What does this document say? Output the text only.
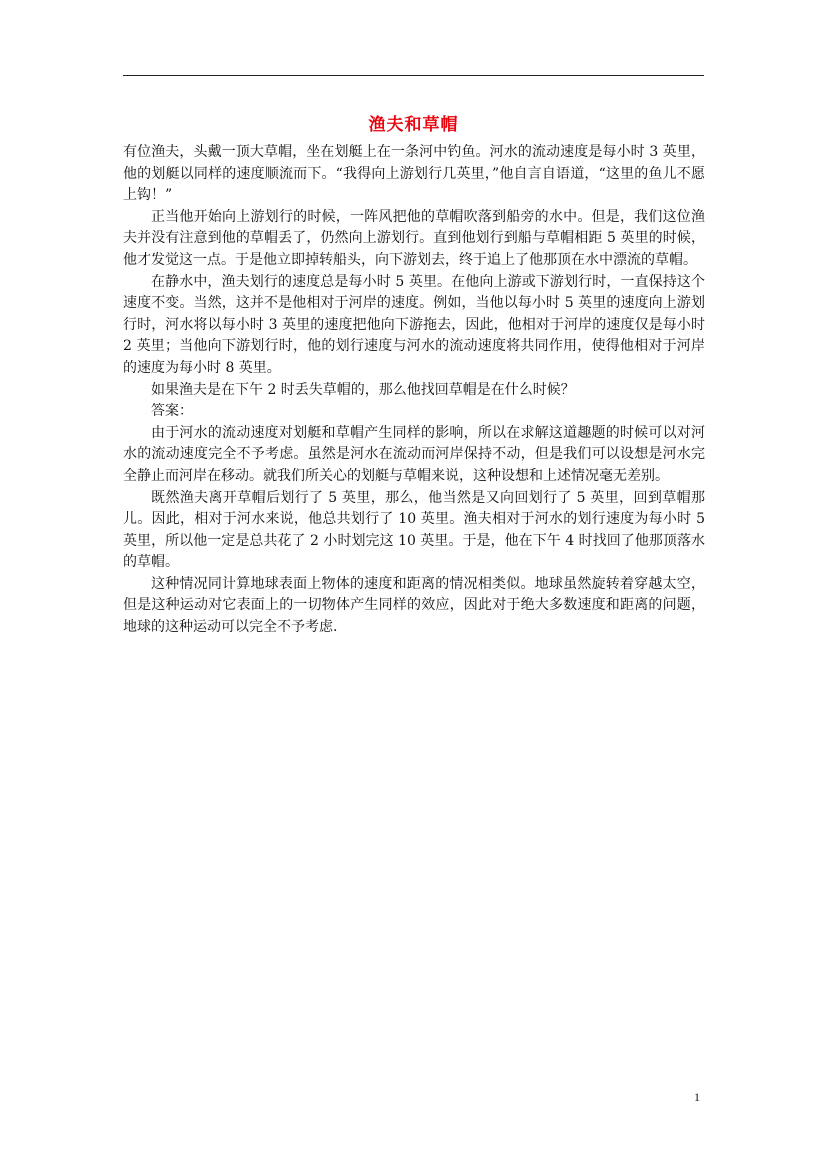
渔夫和草帽

有位渔夫，头戴一顶大草帽，坐在划艇上在一条河中钓鱼。河水的流动速度是每小时 3 英里，他的划艇以同样的速度顺流而下。“我得向上游划行几英里，”他自言自语道，“这里的鱼儿不愿上钩！”

正当他开始向上游划行的时候，一阵风把他的草帽吹落到船旁的水中。但是，我们这位渔夫并没有注意到他的草帽丢了，仍然向上游划行。直到他划行到船与草帽相距 5 英里的时候，他才发觉这一点。于是他立即掉转船头，向下游划去，终于追上了他那顶在水中漂流的草帽。

在静水中，渔夫划行的速度总是每小时 5 英里。在他向上游或下游划行时，一直保持这个速度不变。当然，这并不是他相对于河岸的速度。例如，当他以每小时 5 英里的速度向上游划行时，河水将以每小时 3 英里的速度把他向下游拖去，因此，他相对于河岸的速度仅是每小时 2 英里；当他向下游划行时，他的划行速度与河水的流动速度将共同作用，使得他相对于河岸的速度为每小时 8 英里。

如果渔夫是在下午 2 时丢失草帽的，那么他找回草帽是在什么时候？

答案：

由于河水的流动速度对划艇和草帽产生同样的影响，所以在求解这道趣题的时候可以对河水的流动速度完全不予考虑。虽然是河水在流动而河岸保持不动，但是我们可以设想是河水完全静止而河岸在移动。就我们所关心的划艇与草帽来说，这种设想和上述情况毫无差别。

既然渔夫离开草帽后划行了 5 英里，那么，他当然是又向回划行了 5 英里，回到草帽那儿。因此，相对于河水来说，他总共划行了 10 英里。渔夫相对于河水的划行速度为每小时 5 英里，所以他一定是总共花了 2 小时划完这 10 英里。于是，他在下午 4 时找回了他那顶落水的草帽。

这种情况同计算地球表面上物体的速度和距离的情况相类似。地球虽然旋转着穿越太空，但是这种运动对它表面上的一切物体产生同样的效应，因此对于绝大多数速度和距离的问题，地球的这种运动可以完全不予考虑.

1
